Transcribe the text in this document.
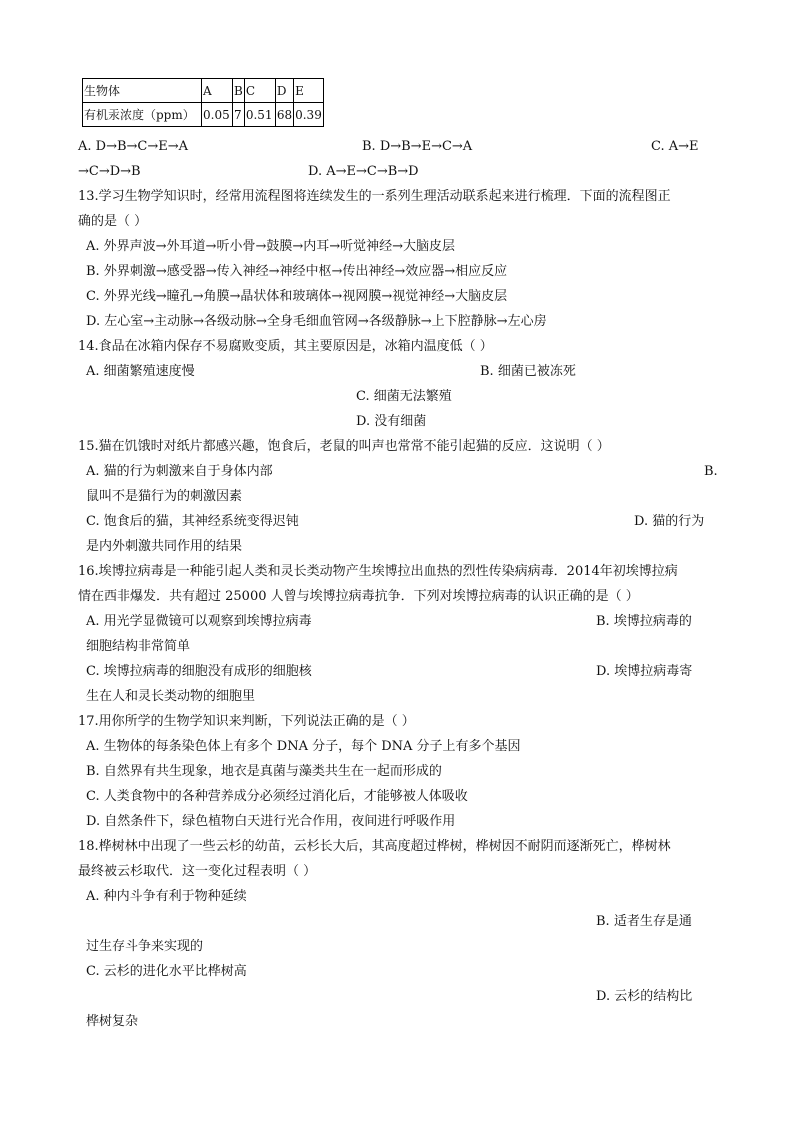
生物体	A	B	C	D	E
有机汞浓度（ppm）	0.05	7	0.51	68	0.39
A. D→B→C→E→A	B. D→B→E→C→A	C. A→E
→C→D→B	D. A→E→C→B→D
13.学习生物学知识时，经常用流程图将连续发生的一系列生理活动联系起来进行梳理．下面的流程图正
确的是（ ）
A. 外界声波→外耳道→听小骨→鼓膜→内耳→听觉神经→大脑皮层
B. 外界刺激→感受器→传入神经→神经中枢→传出神经→效应器→相应反应
C. 外界光线→瞳孔→角膜→晶状体和玻璃体→视网膜→视觉神经→大脑皮层
D. 左心室→主动脉→各级动脉→全身毛细血管网→各级静脉→上下腔静脉→左心房
14.食品在冰箱内保存不易腐败变质，其主要原因是，冰箱内温度低（ ）
A. 细菌繁殖速度慢	B. 细菌已被冻死
C. 细菌无法繁殖
D. 没有细菌
15.猫在饥饿时对纸片都感兴趣，饱食后，老鼠的叫声也常常不能引起猫的反应．这说明（ ）
A. 猫的行为刺激来自于身体内部	B.
鼠叫不是猫行为的刺激因素
C. 饱食后的猫，其神经系统变得迟钝	D. 猫的行为
是内外刺激共同作用的结果
16.埃博拉病毒是一种能引起人类和灵长类动物产生埃博拉出血热的烈性传染病病毒．2014年初埃博拉病
情在西非爆发．共有超过 25000 人曾与埃博拉病毒抗争．下列对埃博拉病毒的认识正确的是（ ）
A. 用光学显微镜可以观察到埃博拉病毒	B. 埃博拉病毒的
细胞结构非常简单
C. 埃博拉病毒的细胞没有成形的细胞核	D. 埃博拉病毒寄
生在人和灵长类动物的细胞里
17.用你所学的生物学知识来判断，下列说法正确的是（ ）
A. 生物体的每条染色体上有多个 DNA 分子，每个 DNA 分子上有多个基因
B. 自然界有共生现象，地衣是真菌与藻类共生在一起而形成的
C. 人类食物中的各种营养成分必须经过消化后，才能够被人体吸收
D. 自然条件下，绿色植物白天进行光合作用，夜间进行呼吸作用
18.桦树林中出现了一些云杉的幼苗，云杉长大后，其高度超过桦树，桦树因不耐阴而逐渐死亡，桦树林
最终被云杉取代．这一变化过程表明（ ）
A. 种内斗争有利于物种延续
B. 适者生存是通
过生存斗争来实现的
C. 云杉的进化水平比桦树高
D. 云杉的结构比
桦树复杂
